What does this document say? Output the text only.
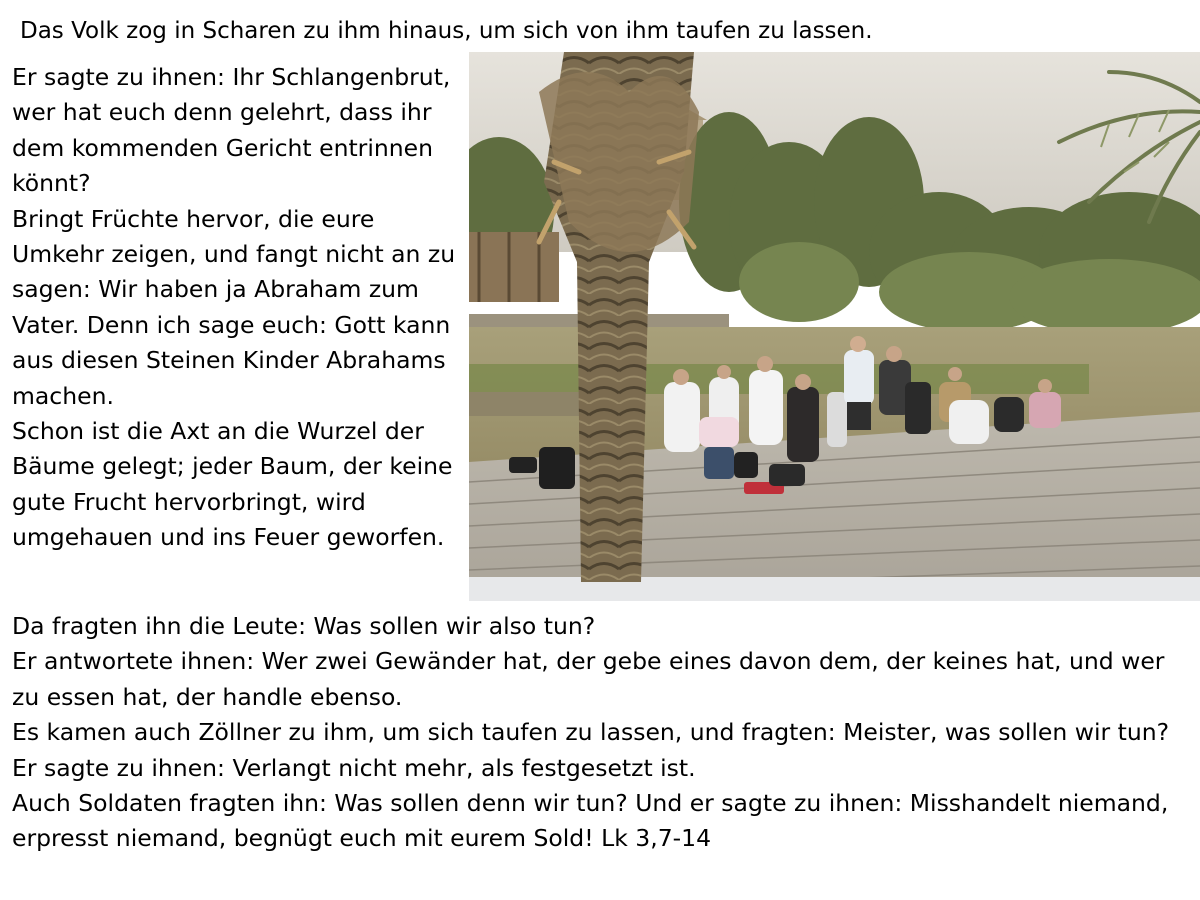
Das Volk zog in Scharen zu ihm hinaus, um sich von ihm taufen zu lassen.

Er sagte zu ihnen: Ihr Schlangenbrut, wer hat euch denn gelehrt, dass ihr dem kommenden Gericht entrinnen könnt?

Bringt Früchte hervor, die eure Umkehr zeigen, und fangt nicht an zu sagen: Wir haben ja Abraham zum Vater. Denn ich sage euch: Gott kann aus diesen Steinen Kinder Abrahams machen.

Schon ist die Axt an die Wurzel der Bäume gelegt; jeder Baum, der keine gute Frucht hervorbringt, wird umgehauen und ins Feuer geworfen.

Da fragten ihn die Leute: Was sollen wir also tun?

Er antwortete ihnen: Wer zwei Gewänder hat, der gebe eines davon dem, der keines hat, und wer zu essen hat, der handle ebenso.

Es kamen auch Zöllner zu ihm, um sich taufen zu lassen, und fragten: Meister, was sollen wir tun?

Er sagte zu ihnen: Verlangt nicht mehr, als festgesetzt ist.

Auch Soldaten fragten ihn: Was sollen denn wir tun? Und er sagte zu ihnen: Misshandelt niemand, erpresst niemand, begnügt euch mit eurem Sold! Lk 3,7-14
